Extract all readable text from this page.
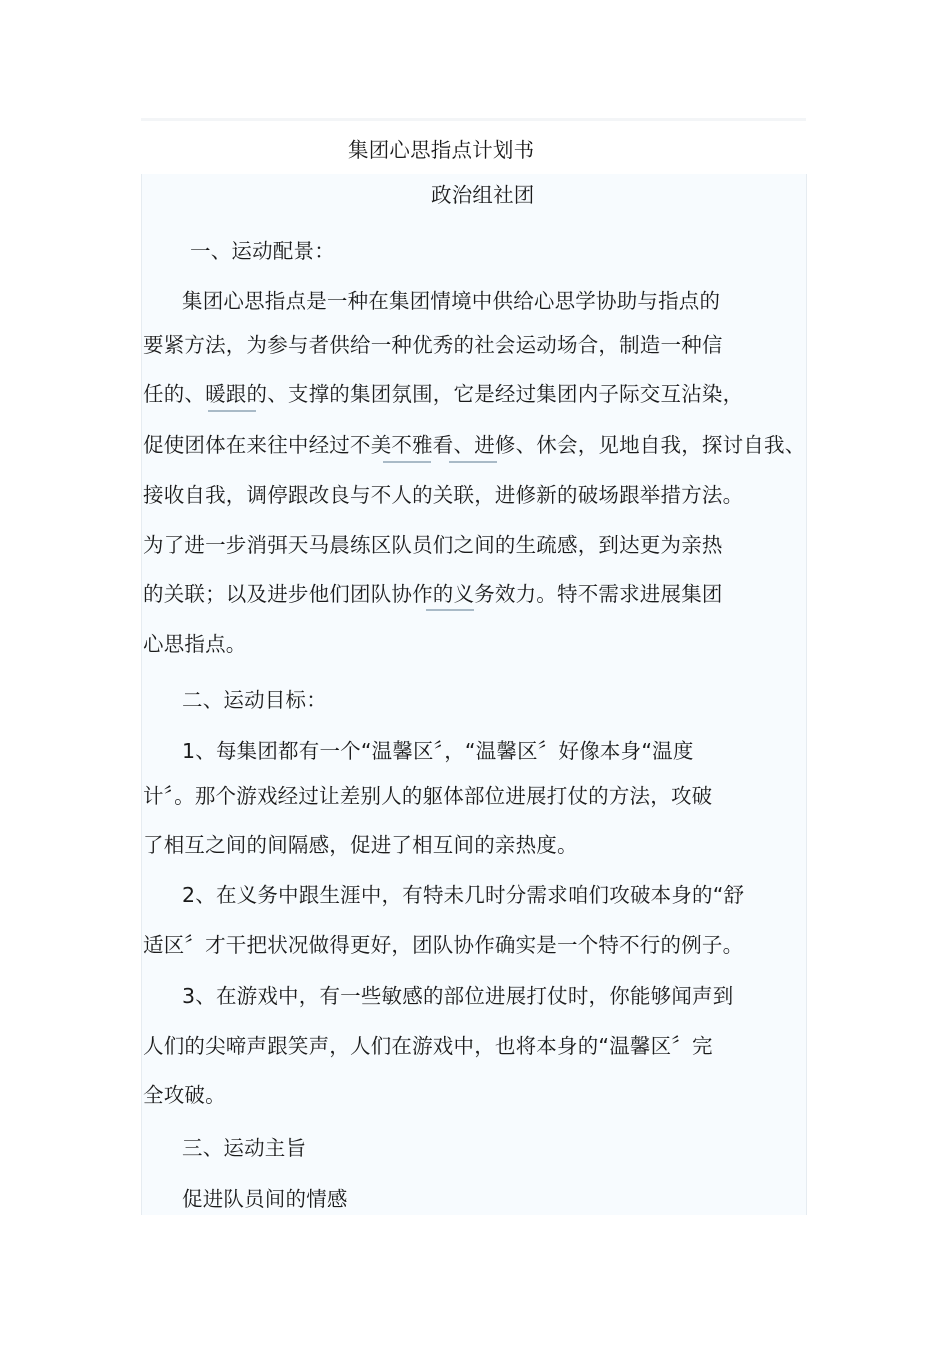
集团心思指点计划书
政治组社团
一、运动配景：
集团心思指点是一种在集团情境中供给心思学协助与指点的
要紧方法，为参与者供给一种优秀的社会运动场合，制造一种信
任的、暖跟的、支撑的集团氛围，它是经过集团内子际交互沾染，
促使团体在来往中经过不美不雅看、进修、休会，见地自我，探讨自我、
接收自我，调停跟改良与不人的关联，进修新的破场跟举措方法。
为了进一步消弭天马晨练区队员们之间的生疏感，到达更为亲热
的关联；以及进步他们团队协作的义务效力。特不需求进展集团
心思指点。
二、运动目标：
1、每集团都有一个“温馨区〞，“温馨区〞好像本身“温度
计〞。那个游戏经过让差别人的躯体部位进展打仗的方法，攻破
了相互之间的间隔感，促进了相互间的亲热度。
2、在义务中跟生涯中，有特未几时分需求咱们攻破本身的“舒
适区〞才干把状况做得更好，团队协作确实是一个特不行的例子。
3、在游戏中，有一些敏感的部位进展打仗时，你能够闻声到
人们的尖啼声跟笑声，人们在游戏中，也将本身的“温馨区〞完
全攻破。
三、运动主旨
促进队员间的情感
